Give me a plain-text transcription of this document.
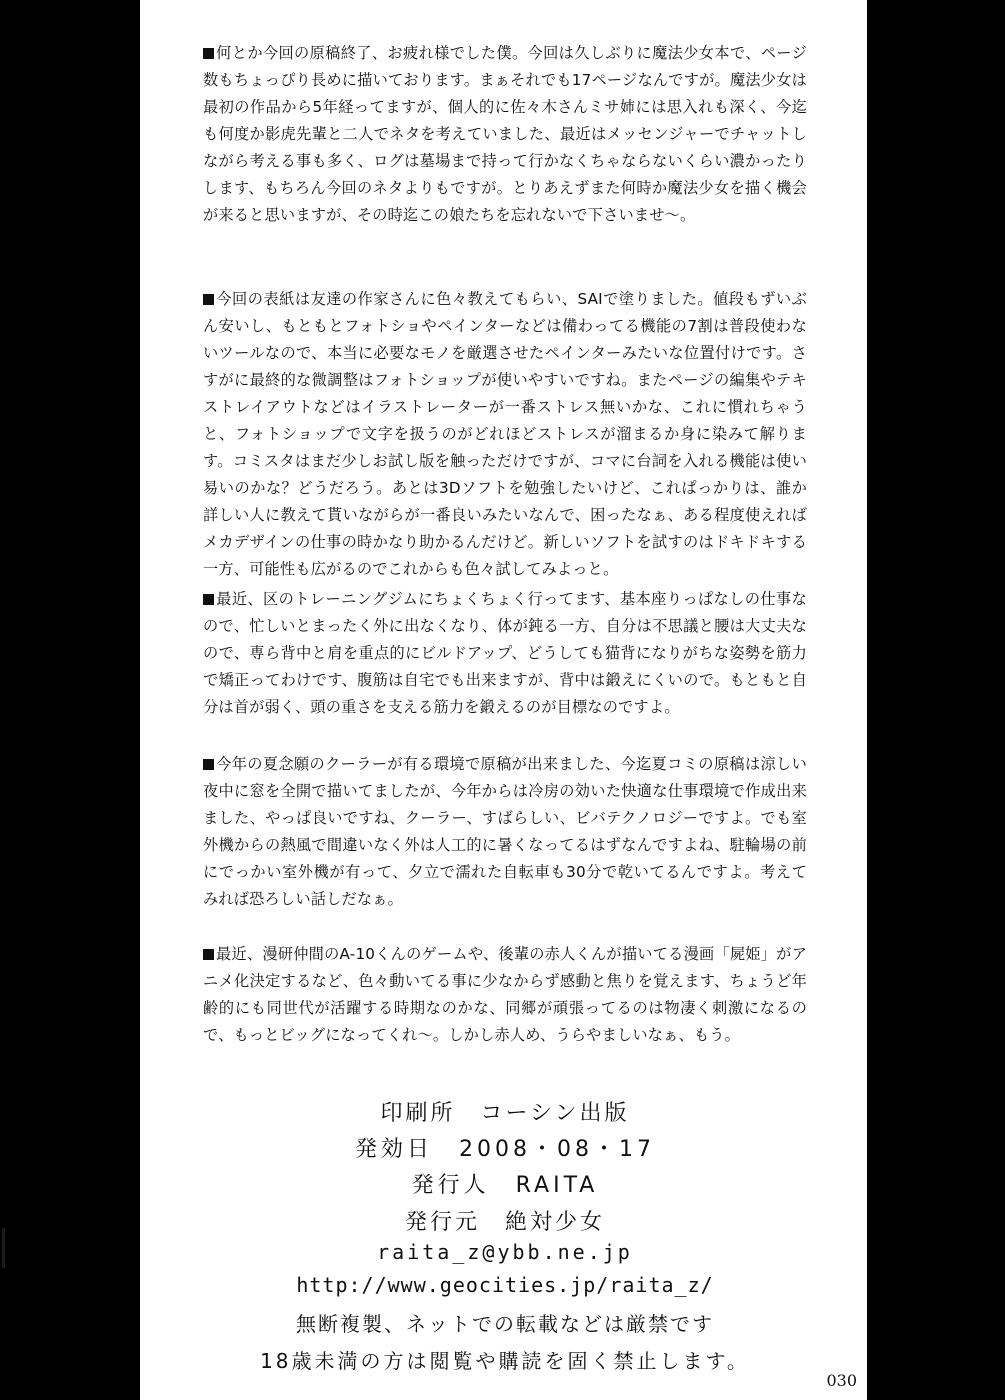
何とか今回の原稿終了、お疲れ様でした僕。今回は久しぶりに魔法少女本で、ページ数もちょっぴり長めに描いております。まぁそれでも17ページなんですが。魔法少女は最初の作品から5年経ってますが、個人的に佐々木さんミサ姉には思入れも深く、今迄も何度か影虎先輩と二人でネタを考えていました、最近はメッセンジャーでチャットしながら考える事も多く、ログは墓場まで持って行かなくちゃならないくらい濃かったりします、もちろん今回のネタよりもですが。とりあえずまた何時か魔法少女を描く機会が来ると思いますが、その時迄この娘たちを忘れないで下さいませ～。

今回の表紙は友達の作家さんに色々教えてもらい、SAIで塗りました。値段もずいぶん安いし、もともとフォトショやペインターなどは備わってる機能の7割は普段使わないツールなので、本当に必要なモノを厳選させたペインターみたいな位置付けです。さすがに最終的な微調整はフォトショップが使いやすいですね。またページの編集やテキストレイアウトなどはイラストレーターが一番ストレス無いかな、これに慣れちゃうと、フォトショップで文字を扱うのがどれほどストレスが溜まるか身に染みて解ります。コミスタはまだ少しお試し版を触っただけですが、コマに台詞を入れる機能は使い易いのかな？どうだろう。あとは3Dソフトを勉強したいけど、これぱっかりは、誰か詳しい人に教えて貰いながらが一番良いみたいなんで、困ったなぁ、ある程度使えればメカデザインの仕事の時かなり助かるんだけど。新しいソフトを試すのはドキドキする一方、可能性も広がるのでこれからも色々試してみよっと。

最近、区のトレーニングジムにちょくちょく行ってます、基本座りっぱなしの仕事なので、忙しいとまったく外に出なくなり、体が鈍る一方、自分は不思議と腰は大丈夫なので、専ら背中と肩を重点的にビルドアップ、どうしても猫背になりがちな姿勢を筋力で矯正ってわけです、腹筋は自宅でも出来ますが、背中は鍛えにくいので。もともと自分は首が弱く、頭の重さを支える筋力を鍛えるのが目標なのですよ。

今年の夏念願のクーラーが有る環境で原稿が出来ました、今迄夏コミの原稿は涼しい夜中に窓を全開で描いてましたが、今年からは冷房の効いた快適な仕事環境で作成出来ました、やっぱ良いですね、クーラー、すばらしい、ビバテクノロジーですよ。でも室外機からの熱風で間違いなく外は人工的に暑くなってるはずなんですよね、駐輪場の前にでっかい室外機が有って、夕立で濡れた自転車も30分で乾いてるんですよ。考えてみれば恐ろしい話しだなぁ。

最近、漫研仲間のA-10くんのゲームや、後輩の赤人くんが描いてる漫画「屍姫」がアニメ化決定するなど、色々動いてる事に少なからず感動と焦りを覚えます、ちょうど年齢的にも同世代が活躍する時期なのかな、同郷が頑張ってるのは物凄く刺激になるので、もっとビッグになってくれ～。しかし赤人め、うらやましいなぁ、もう。

印刷所　コーシン出版
発効日　2008・08・17
発行人　RAITA
発行元　絶対少女
raita_z@ybb.ne.jp
http://www.geocities.jp/raita_z/
無断複製、ネットでの転載などは厳禁です
18歳未満の方は閲覧や購読を固く禁止します。
030
